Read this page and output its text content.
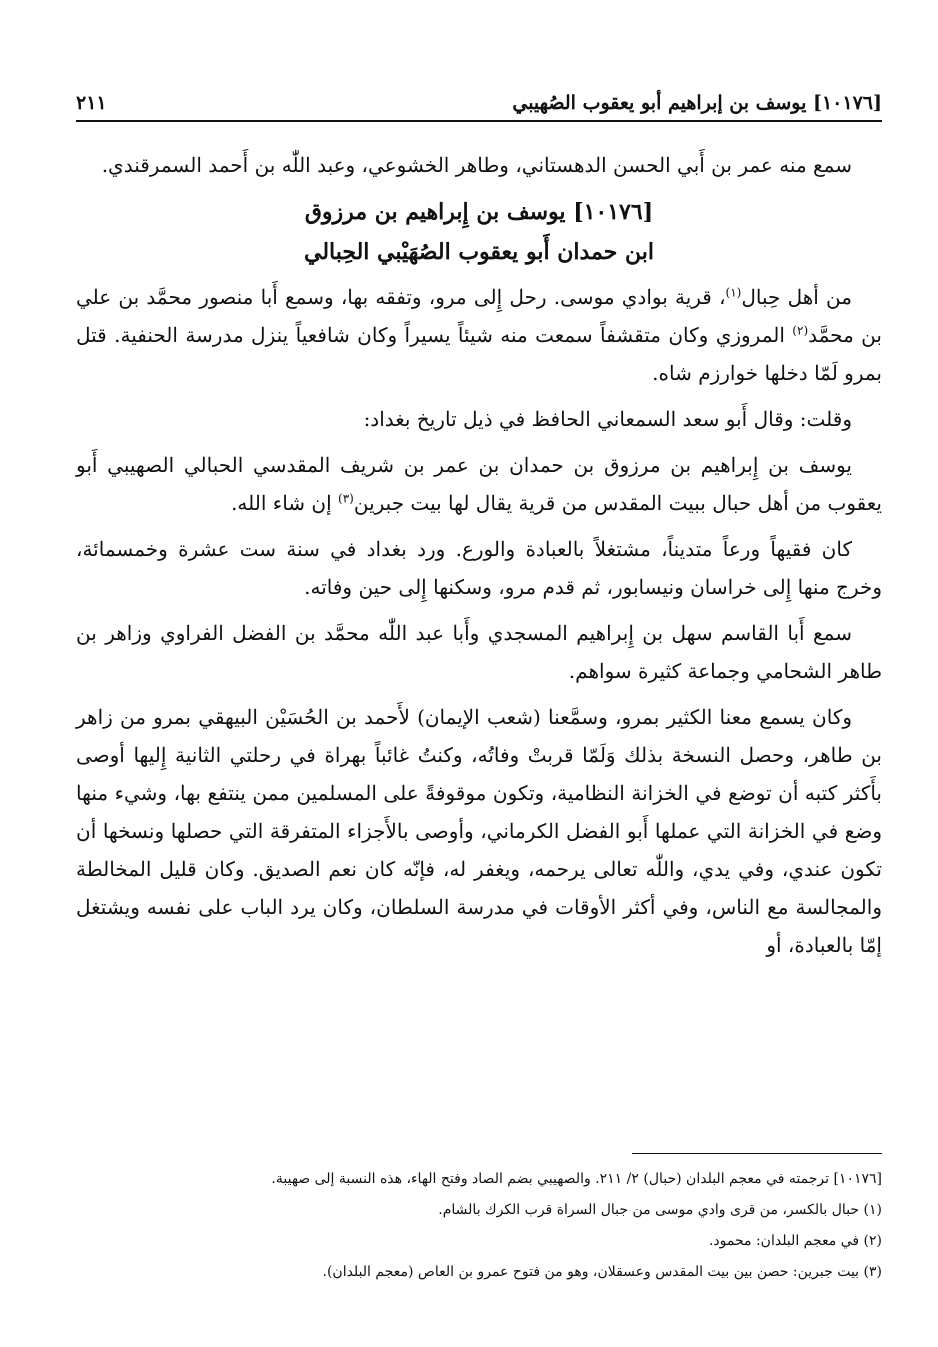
[١٠١٧٦] يوسف بن إبراهيم أبو يعقوب الصُهيبي
٢١١

سمع منه عمر بن أَبي الحسن الدهستاني، وطاهر الخشوعي، وعبد اللّٰه بن أَحمد السمرقندي.

[١٠١٧٦] يوسف بن إِبراهيم بن مرزوق
ابن حمدان أَبو يعقوب الصُهَيْبي الحِبالي

من أهل حِبال$^{(١)}$، قرية بوادي موسى. رحل إِلى مرو، وتفقه بها، وسمع أَبا منصور محمَّد بن علي بن محمَّد$^{(٢)}$ المروزي وكان متقشفاً سمعت منه شيئاً يسيراً وكان شافعياً ينزل مدرسة الحنفية. قتل بمرو لَمّا دخلها خوارزم شاه.

وقلت: وقال أَبو سعد السمعاني الحافظ في ذيل تاريخ بغداد:

يوسف بن إِبراهيم بن مرزوق بن حمدان بن عمر بن شريف المقدسي الحبالي الصهيبي أَبو يعقوب من أهل حبال ببيت المقدس من قرية يقال لها بيت جبرين$^{(٣)}$ إن شاء الله.

كان فقيهاً ورعاً متديناً، مشتغلاً بالعبادة والورع. ورد بغداد في سنة ست عشرة وخمسمائة، وخرج منها إِلى خراسان ونيسابور، ثم قدم مرو، وسكنها إِلى حين وفاته.

سمع أَبا القاسم سهل بن إِبراهيم المسجدي وأَبا عبد اللّٰه محمَّد بن الفضل الفراوي وزاهر بن طاهر الشحامي وجماعة كثيرة سواهم.

وكان يسمع معنا الكثير بمرو، وسمَّعنا (شعب الإيمان) لأَحمد بن الحُسَيْن البيهقي بمرو من زاهر بن طاهر، وحصل النسخة بذلك وَلَمّا قربتْ وفاتُه، وكنتُ غائباً بهراة في رحلتي الثانية إِليها أوصى بأَكثر كتبه أن توضع في الخزانة النظامية، وتكون موقوفةً على المسلمين ممن ينتفع بها، وشيء منها وضع في الخزانة التي عملها أَبو الفضل الكرماني، وأوصى بالأَجزاء المتفرقة التي حصلها ونسخها أن تكون عندي، وفي يدي، واللّٰه تعالى يرحمه، ويغفر له، فإنّه كان نعم الصديق. وكان قليل المخالطة والمجالسة مع الناس، وفي أكثر الأوقات في مدرسة السلطان، وكان يرد الباب على نفسه ويشتغل إمّا بالعبادة، أو

[١٠١٧٦] ترجمته في معجم البلدان (حبال) ٢/ ٢١١. والصهيبي بضم الصاد وفتح الهاء، هذه النسبة إلى صهيبة.

(١) حبال بالكسر، من قرى وادي موسى من جبال السراة قرب الكرك بالشام.

(٢) في معجم البلدان: محمود.

(٣) بيت جبرين: حصن بين بيت المقدس وعسقلان، وهو من فتوح عمرو بن العاص (معجم البلدان).
